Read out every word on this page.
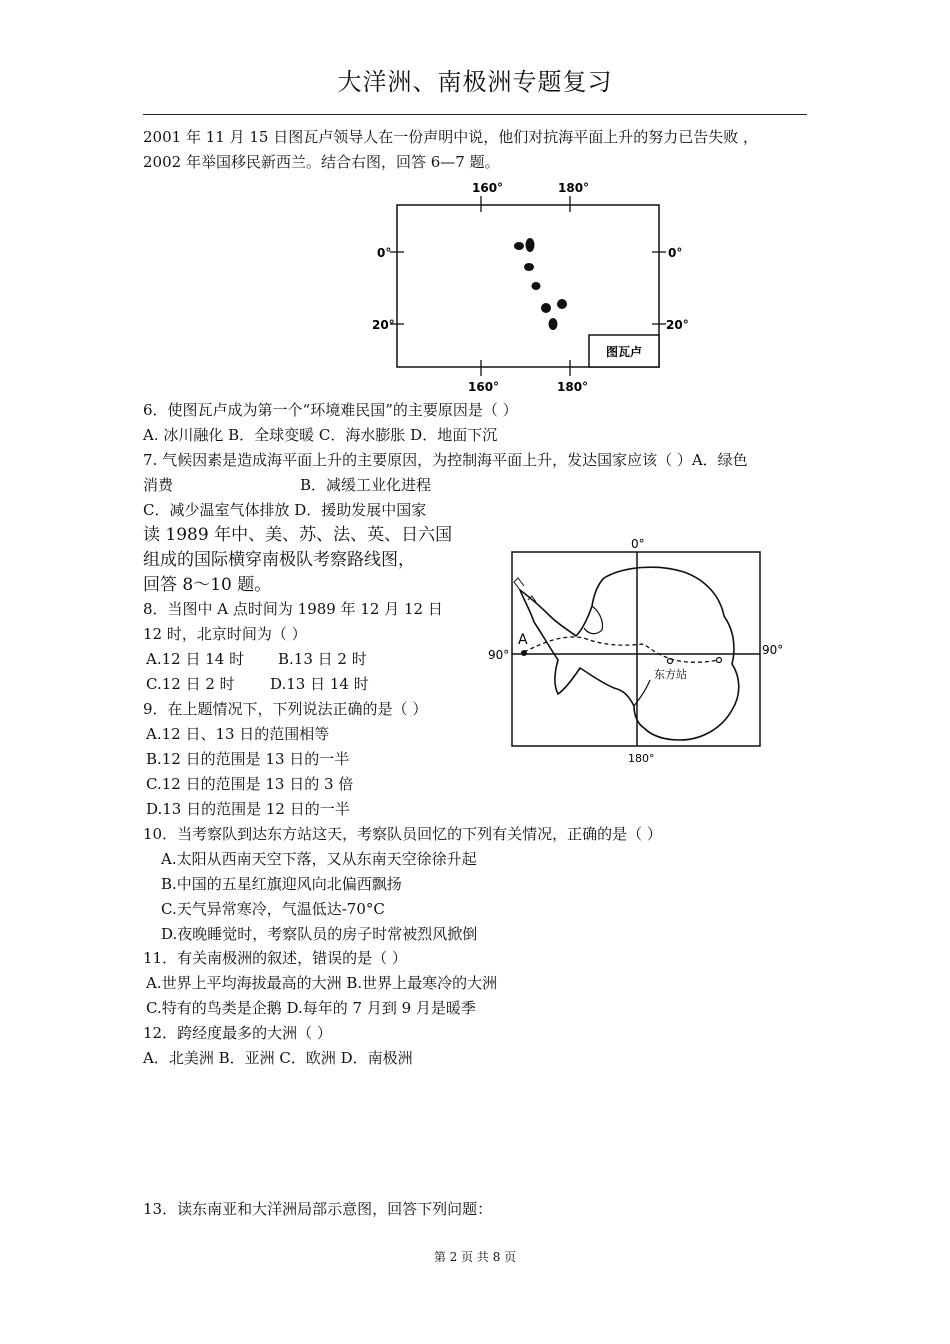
大洋洲、南极洲专题复习
2001 年 11 月 15 日图瓦卢领导人在一份声明中说，他们对抗海平面上升的努力已告失败 ，
2002 年举国移民新西兰。结合右图，回答 6—7 题。
160°	180°
160°	180°
0°
20°
0°
20°
图瓦卢
6．使图瓦卢成为第一个“环境难民国”的主要原因是（ ）
A. 冰川融化 B．全球变暖 C．海水膨胀 D．地面下沉
7. 气候因素是造成海平面上升的主要原因，为控制海平面上升，发达国家应该（ ）A．绿色
消费	B．减缓工业化进程
C．减少温室气体排放 D．援助发展中国家
读 1989 年中、美、苏、法、英、日六国
组成的国际横穿南极队考察路线图，
回答 8～10 题。
0°
90°	90°
180°
A
东方站
8．当图中 A 点时间为 1989 年 12 月 12 日
12 时，北京时间为（ ）
A.12 日 14 时 B.13 日 2 时
C.12 日 2 时 D.13 日 14 时
9．在上题情况下，下列说法正确的是（ ）
A.12 日、13 日的范围相等
B.12 日的范围是 13 日的一半
C.12 日的范围是 13 日的 3 倍
D.13 日的范围是 12 日的一半
10．当考察队到达东方站这天，考察队员回忆的下列有关情况，正确的是（ ）
A.太阳从西南天空下落，又从东南天空徐徐升起
B.中国的五星红旗迎风向北偏西飘扬
C.天气异常寒冷，气温低达-70°C
D.夜晚睡觉时，考察队员的房子时常被烈风掀倒
11．有关南极洲的叙述，错误的是（ ）
A.世界上平均海拔最高的大洲 B.世界上最寒冷的大洲
C.特有的鸟类是企鹅 D.每年的 7 月到 9 月是暖季
12．跨经度最多的大洲（ ）
A．北美洲 B．亚洲 C．欧洲 D．南极洲
13．读东南亚和大洋洲局部示意图，回答下列问题：
第 2 页 共 8 页
